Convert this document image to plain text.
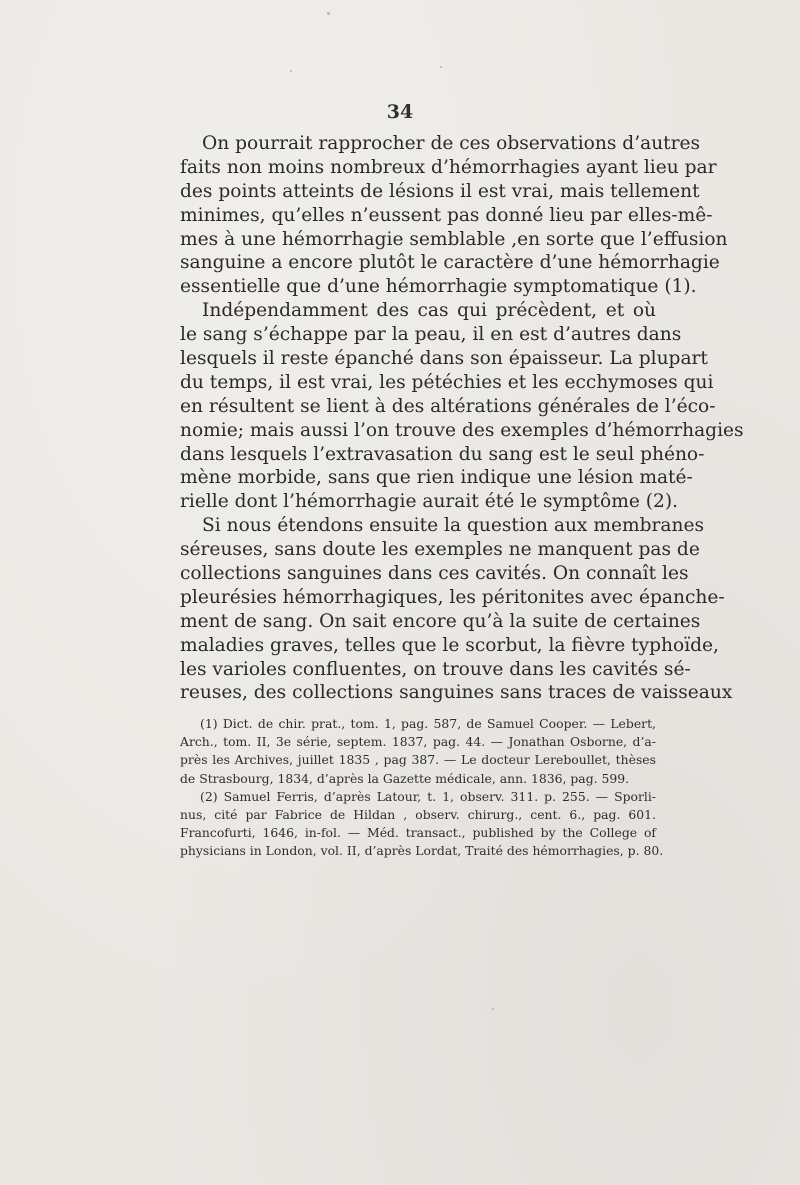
34
On pourrait rapprocher de ces observations d’autres
faits non moins nombreux d’hémorrhagies ayant lieu par
des points atteints de lésions il est vrai, mais tellement
minimes, qu’elles n’eussent pas donné lieu par elles-mê-
mes à une hémorrhagie semblable ,en sorte que l’effusion
sanguine a encore plutôt le caractère d’une hémorrhagie
essentielle que d’une hémorrhagie symptomatique (1).
Indépendamment des cas qui précèdent, et où
le sang s’échappe par la peau, il en est d’autres dans
lesquels il reste épanché dans son épaisseur. La plupart
du temps, il est vrai, les pétéchies et les ecchymoses qui
en résultent se lient à des altérations générales de l’éco-
nomie; mais aussi l’on trouve des exemples d’hémorrhagies
dans lesquels l’extravasation du sang est le seul phéno-
mène morbide, sans que rien indique une lésion maté-
rielle dont l’hémorrhagie aurait été le symptôme (2).
Si nous étendons ensuite la question aux membranes
séreuses, sans doute les exemples ne manquent pas de
collections sanguines dans ces cavités. On connaît les
pleurésies hémorrhagiques, les péritonites avec épanche-
ment de sang. On sait encore qu’à la suite de certaines
maladies graves, telles que le scorbut, la fièvre typhoïde,
les varioles confluentes, on trouve dans les cavités sé-
reuses, des collections sanguines sans traces de vaisseaux
(1) Dict. de chir. prat., tom. 1, pag. 587, de Samuel Cooper. — Lebert,
Arch., tom. II, 3e série, septem. 1837, pag. 44. — Jonathan Osborne, d’a-
près les Archives, juillet 1835 , pag 387. — Le docteur Lereboullet, thèses
de Strasbourg, 1834, d’après la Gazette médicale, ann. 1836, pag. 599.
(2) Samuel Ferris, d’après Latour, t. 1, observ. 311. p. 255. — Sporli-
nus, cité par Fabrice de Hildan , observ. chirurg., cent. 6., pag. 601.
Francofurti, 1646, in-fol. — Méd. transact., published by the College of
physicians in London, vol. II, d’après Lordat, Traité des hémorrhagies, p. 80.
